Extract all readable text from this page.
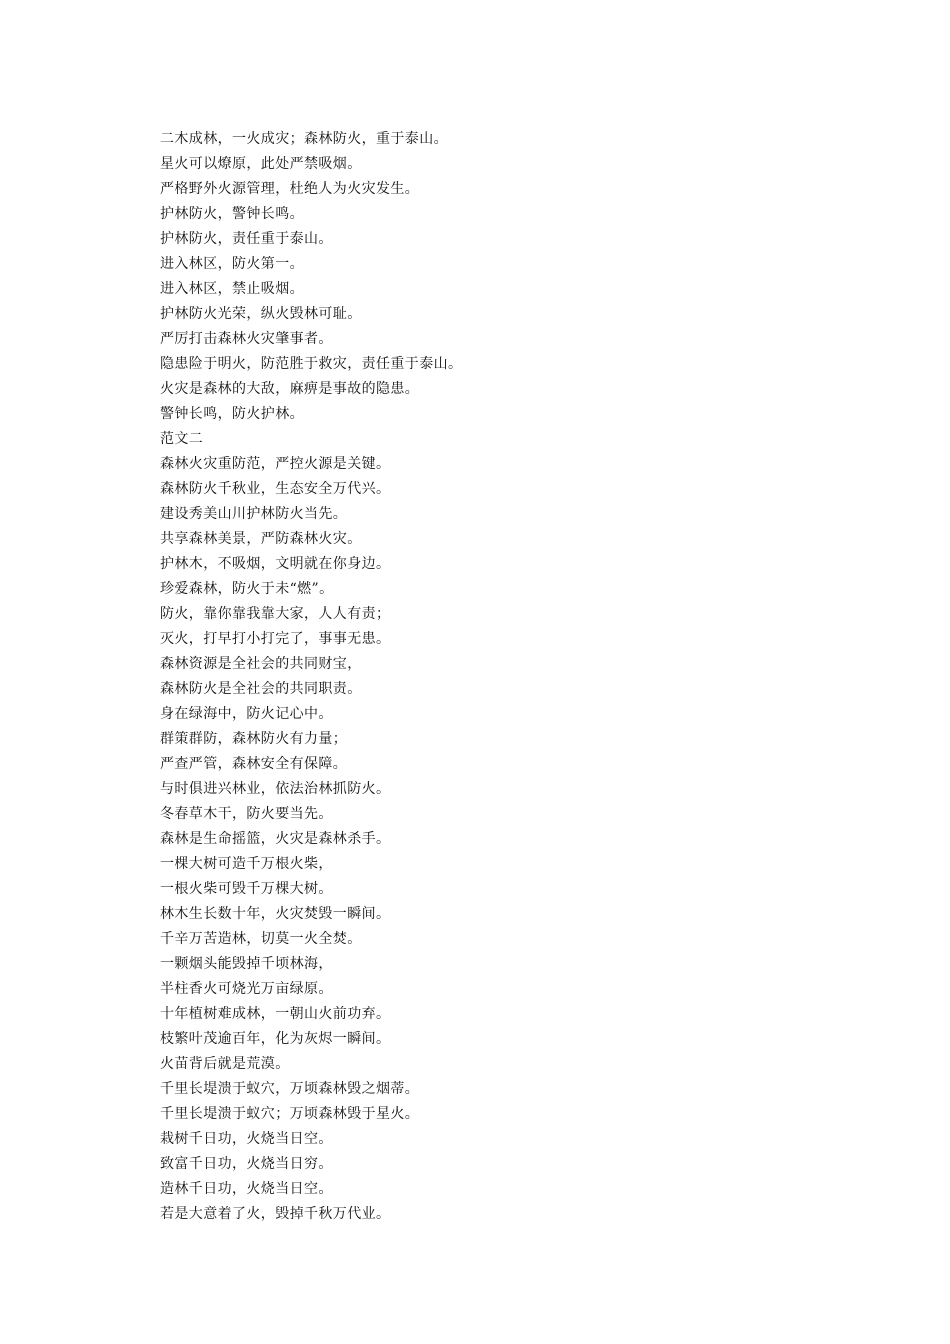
二木成林，一火成灾；森林防火，重于泰山。
星火可以燎原，此处严禁吸烟。
严格野外火源管理，杜绝人为火灾发生。
护林防火，警钟长鸣。
护林防火，责任重于泰山。
进入林区，防火第一。
进入林区，禁止吸烟。
护林防火光荣，纵火毁林可耻。
严厉打击森林火灾肇事者。
隐患险于明火，防范胜于救灾，责任重于泰山。
火灾是森林的大敌，麻痹是事故的隐患。
警钟长鸣，防火护林。
范文二
森林火灾重防范，严控火源是关键。
森林防火千秋业，生态安全万代兴。
建设秀美山川护林防火当先。
共享森林美景，严防森林火灾。
护林木，不吸烟，文明就在你身边。
珍爱森林，防火于未“燃”。
防火，靠你靠我靠大家，人人有责；
灭火，打早打小打完了，事事无患。
森林资源是全社会的共同财宝，
森林防火是全社会的共同职责。
身在绿海中，防火记心中。
群策群防，森林防火有力量；
严查严管，森林安全有保障。
与时俱进兴林业，依法治林抓防火。
冬春草木干，防火要当先。
森林是生命摇篮，火灾是森林杀手。
一棵大树可造千万根火柴，
一根火柴可毁千万棵大树。
林木生长数十年，火灾焚毁一瞬间。
千辛万苦造林，切莫一火全焚。
一颗烟头能毁掉千顷林海，
半柱香火可烧光万亩绿原。
十年植树难成林，一朝山火前功弃。
枝繁叶茂逾百年，化为灰烬一瞬间。
火苗背后就是荒漠。
千里长堤溃于蚁穴，万顷森林毁之烟蒂。
千里长堤溃于蚁穴；万顷森林毁于星火。
栽树千日功，火烧当日空。
致富千日功，火烧当日穷。
造林千日功，火烧当日空。
若是大意着了火，毁掉千秋万代业。
